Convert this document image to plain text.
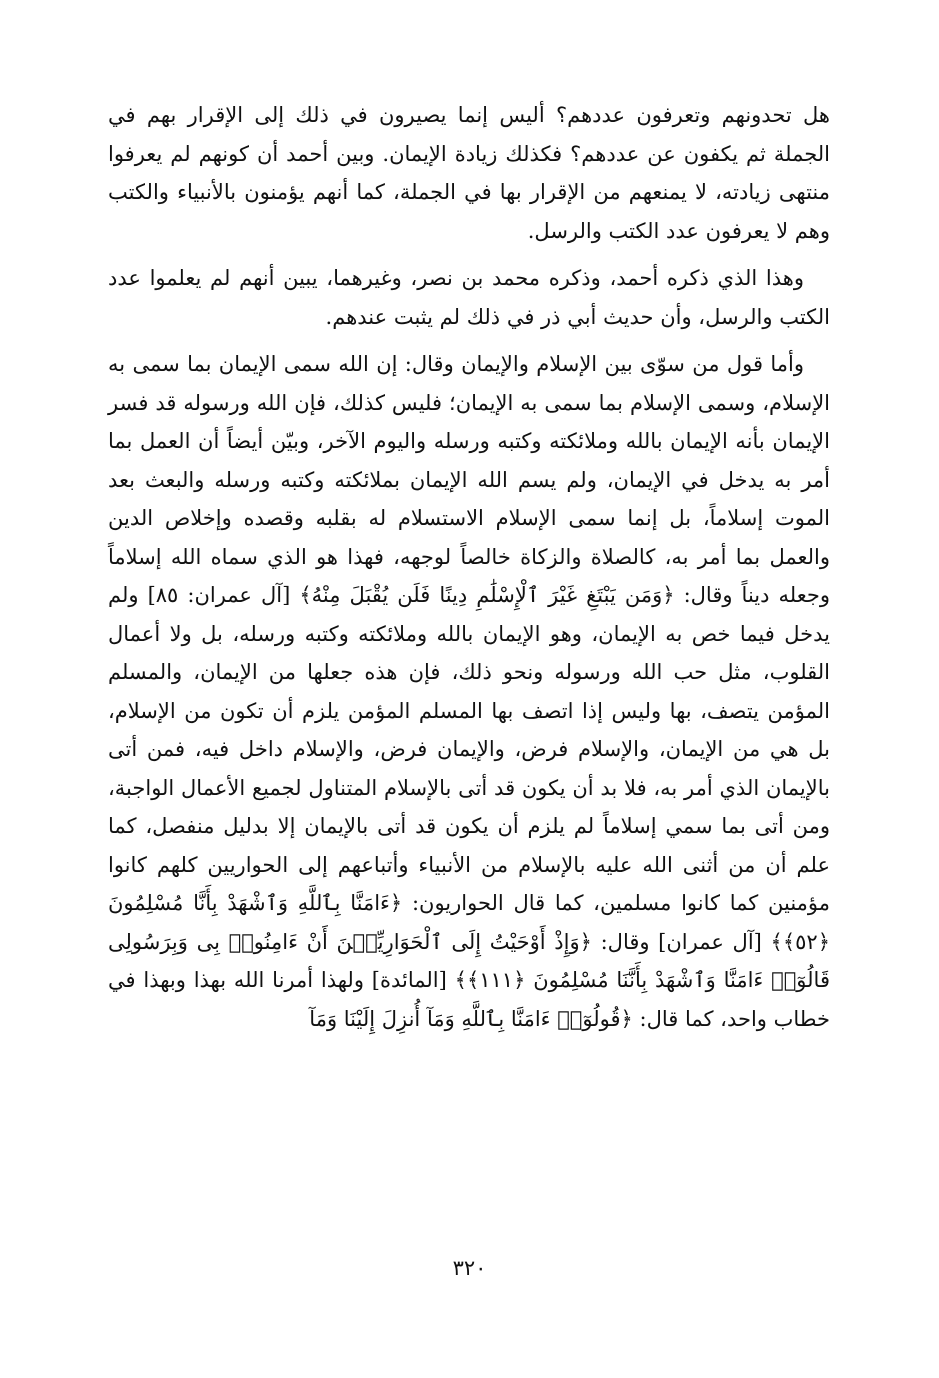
هل تحدونهم وتعرفون عددهم؟ أليس إنما يصيرون في ذلك إلى الإقرار بهم في الجملة ثم يكفون عن عددهم؟ فكذلك زيادة الإيمان. وبين أحمد أن كونهم لم يعرفوا منتهى زيادته، لا يمنعهم من الإقرار بها في الجملة، كما أنهم يؤمنون بالأنبياء والكتب وهم لا يعرفون عدد الكتب والرسل.

وهذا الذي ذكره أحمد، وذكره محمد بن نصر، وغيرهما، يبين أنهم لم يعلموا عدد الكتب والرسل، وأن حديث أبي ذر في ذلك لم يثبت عندهم.

وأما قول من سوّى بين الإسلام والإيمان وقال: إن الله سمى الإيمان بما سمى به الإسلام، وسمى الإسلام بما سمى به الإيمان؛ فليس كذلك، فإن الله ورسوله قد فسر الإيمان بأنه الإيمان بالله وملائكته وكتبه ورسله واليوم الآخر، وبيّن أيضاً أن العمل بما أمر به يدخل في الإيمان، ولم يسم الله الإيمان بملائكته وكتبه ورسله والبعث بعد الموت إسلاماً، بل إنما سمى الإسلام الاستسلام له بقلبه وقصده وإخلاص الدين والعمل بما أمر به، كالصلاة والزكاة خالصاً لوجهه، فهذا هو الذي سماه الله إسلاماً وجعله ديناً وقال: ﴿وَمَن يَبْتَغِ غَيْرَ ٱلْإِسْلَٰمِ دِينًا فَلَن يُقْبَلَ مِنْهُ﴾ [آل عمران: ٨٥] ولم يدخل فيما خص به الإيمان، وهو الإيمان بالله وملائكته وكتبه ورسله، بل ولا أعمال القلوب، مثل حب الله ورسوله ونحو ذلك، فإن هذه جعلها من الإيمان، والمسلم المؤمن يتصف، بها وليس إذا اتصف بها المسلم المؤمن يلزم أن تكون من الإسلام، بل هي من الإيمان، والإسلام فرض، والإيمان فرض، والإسلام داخل فيه، فمن أتى بالإيمان الذي أمر به، فلا بد أن يكون قد أتى بالإسلام المتناول لجميع الأعمال الواجبة، ومن أتى بما سمي إسلاماً لم يلزم أن يكون قد أتى بالإيمان إلا بدليل منفصل، كما علم أن من أثنى الله عليه بالإسلام من الأنبياء وأتباعهم إلى الحواريين كلهم كانوا مؤمنين كما كانوا مسلمين، كما قال الحواريون: ﴿ءَامَنَّا بِٱللَّهِ وَٱشْهَدْ بِأَنَّا مُسْلِمُونَ ﴿٥٢﴾﴾ [آل عمران] وقال: ﴿وَإِذْ أَوْحَيْتُ إِلَى ٱلْحَوَارِيِّـۧنَ أَنْ ءَامِنُوا۟ بِى وَبِرَسُولِى قَالُوٓا۟ ءَامَنَّا وَٱشْهَدْ بِأَنَّنَا مُسْلِمُونَ ﴿١١١﴾﴾ [المائدة] ولهذا أمرنا الله بهذا وبهذا في خطاب واحد، كما قال: ﴿قُولُوٓا۟ ءَامَنَّا بِٱللَّهِ وَمَآ أُنزِلَ إِلَيْنَا وَمَآ

٣٢٠
